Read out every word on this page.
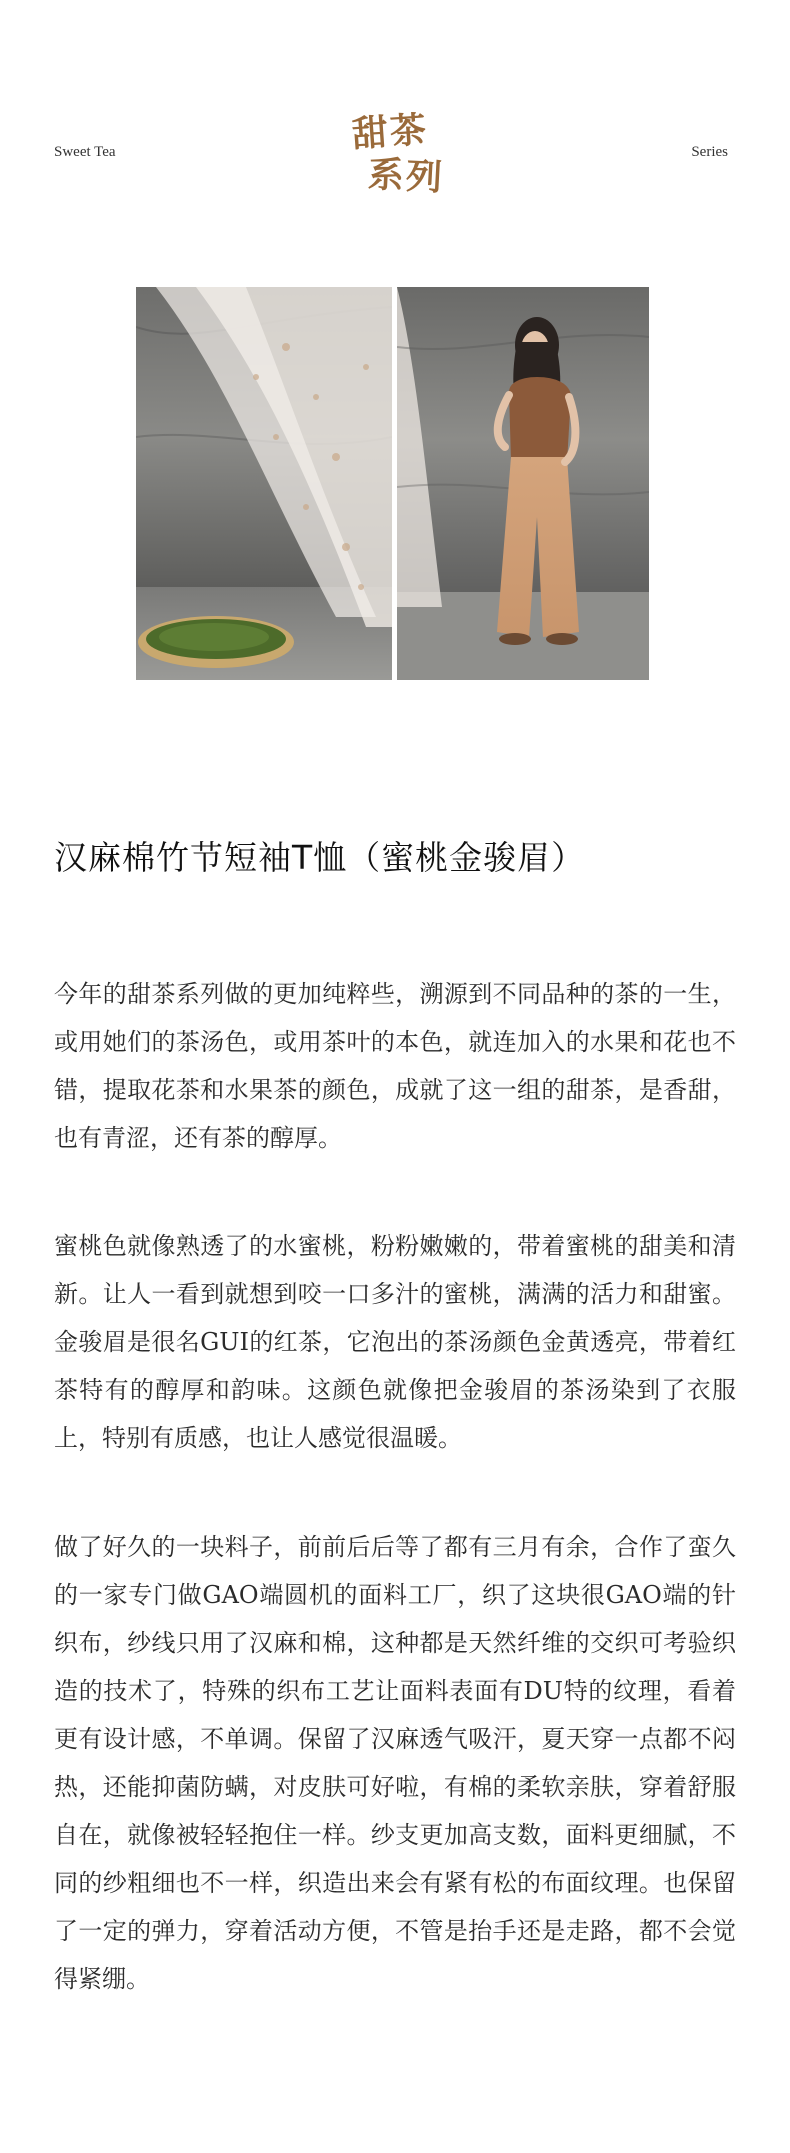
Sweet Tea	甜茶
系列
Series
汉麻棉竹节短袖T恤（蜜桃金骏眉）

今年的甜茶系列做的更加纯粹些，溯源到不同品种的茶的一生，或用她们的茶汤色，或用茶叶的本色，就连加入的水果和花也不错，提取花茶和水果茶的颜色，成就了这一组的甜茶，是香甜，也有青涩，还有茶的醇厚。

蜜桃色就像熟透了的水蜜桃，粉粉嫩嫩的，带着蜜桃的甜美和清新。让人一看到就想到咬一口多汁的蜜桃，满满的活力和甜蜜。金骏眉是很名GUI的红茶，它泡出的茶汤颜色金黄透亮，带着红茶特有的醇厚和韵味。这颜色就像把金骏眉的茶汤染到了衣服上，特别有质感，也让人感觉很温暖。

做了好久的一块料子，前前后后等了都有三月有余，合作了蛮久的一家专门做GAO端圆机的面料工厂，织了这块很GAO端的针织布，纱线只用了汉麻和棉，这种都是天然纤维的交织可考验织造的技术了，特殊的织布工艺让面料表面有DU特的纹理，看着更有设计感，不单调。保留了汉麻透气吸汗，夏天穿一点都不闷热，还能抑菌防螨，对皮肤可好啦，有棉的柔软亲肤，穿着舒服自在，就像被轻轻抱住一样。纱支更加高支数，面料更细腻，不同的纱粗细也不一样，织造出来会有紧有松的布面纹理。也保留了一定的弹力，穿着活动方便，不管是抬手还是走路，都不会觉得紧绷。
